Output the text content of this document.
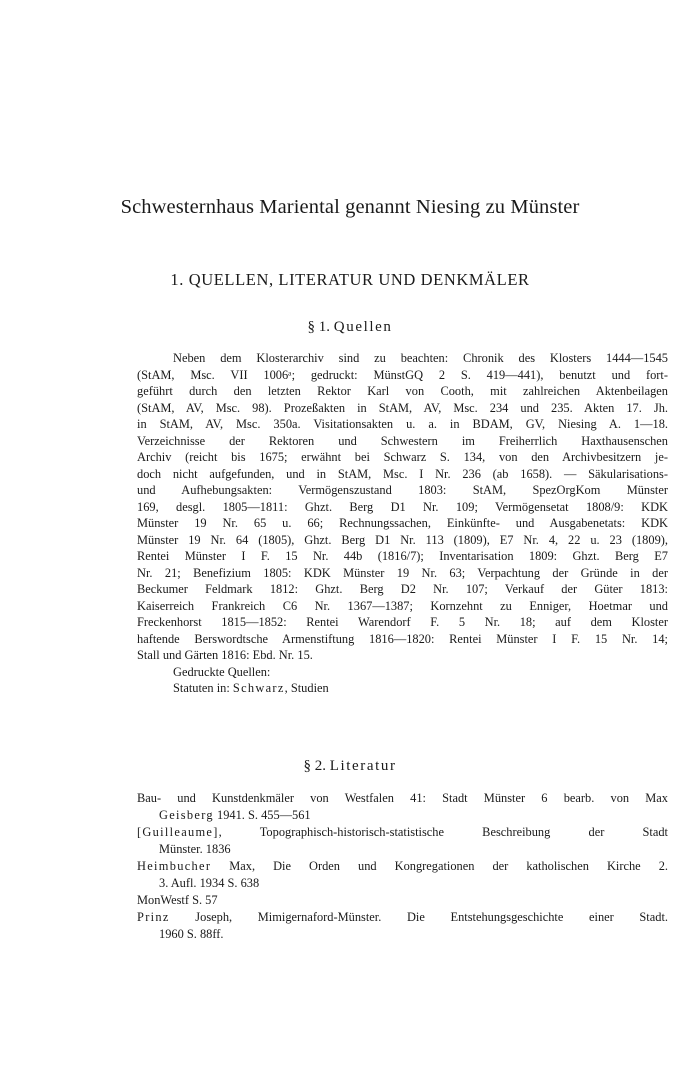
Schwesternhaus Mariental genannt Niesing zu Münster
1. QUELLEN, LITERATUR UND DENKMÄLER
§ 1. Quellen
Neben dem Klosterarchiv sind zu beachten: Chronik des Klosters 1444—1545
(StAM, Msc. VII 1006ᵃ; gedruckt: MünstGQ 2 S. 419—441), benutzt und fort-
geführt durch den letzten Rektor Karl von Cooth, mit zahlreichen Aktenbeilagen
(StAM, AV, Msc. 98). Prozeßakten in StAM, AV, Msc. 234 und 235. Akten 17. Jh.
in StAM, AV, Msc. 350a. Visitationsakten u. a. in BDAM, GV, Niesing A. 1—18.
Verzeichnisse der Rektoren und Schwestern im Freiherrlich Haxthausenschen
Archiv (reicht bis 1675; erwähnt bei Schwarz S. 134, von den Archivbesitzern je-
doch nicht aufgefunden, und in StAM, Msc. I Nr. 236 (ab 1658). — Säkularisations-
und Aufhebungsakten: Vermögenszustand 1803: StAM, SpezOrgKom Münster
169, desgl. 1805—1811: Ghzt. Berg D1 Nr. 109; Vermögensetat 1808/9: KDK
Münster 19 Nr. 65 u. 66; Rechnungssachen, Einkünfte- und Ausgabenetats: KDK
Münster 19 Nr. 64 (1805), Ghzt. Berg D1 Nr. 113 (1809), E7 Nr. 4, 22 u. 23 (1809),
Rentei Münster I F. 15 Nr. 44b (1816/7); Inventarisation 1809: Ghzt. Berg E7
Nr. 21; Benefizium 1805: KDK Münster 19 Nr. 63; Verpachtung der Gründe in der
Beckumer Feldmark 1812: Ghzt. Berg D2 Nr. 107; Verkauf der Güter 1813:
Kaiserreich Frankreich C6 Nr. 1367—1387; Kornzehnt zu Enniger, Hoetmar und
Freckenhorst 1815—1852: Rentei Warendorf F. 5 Nr. 18; auf dem Kloster
haftende Berswordtsche Armenstiftung 1816—1820: Rentei Münster I F. 15 Nr. 14;
Stall und Gärten 1816: Ebd. Nr. 15.
Gedruckte Quellen:
Statuten in: Schwarz, Studien
§ 2. Literatur
Bau- und Kunstdenkmäler von Westfalen 41: Stadt Münster 6 bearb. von Max
Geisberg 1941. S. 455—561
[Guilleaume], Topographisch-historisch-statistische Beschreibung der Stadt
Münster. 1836
Heimbucher Max, Die Orden und Kongregationen der katholischen Kirche 2.
3. Aufl. 1934 S. 638
MonWestf S. 57
Prinz Joseph, Mimigernaford-Münster. Die Entstehungsgeschichte einer Stadt.
1960 S. 88ff.
